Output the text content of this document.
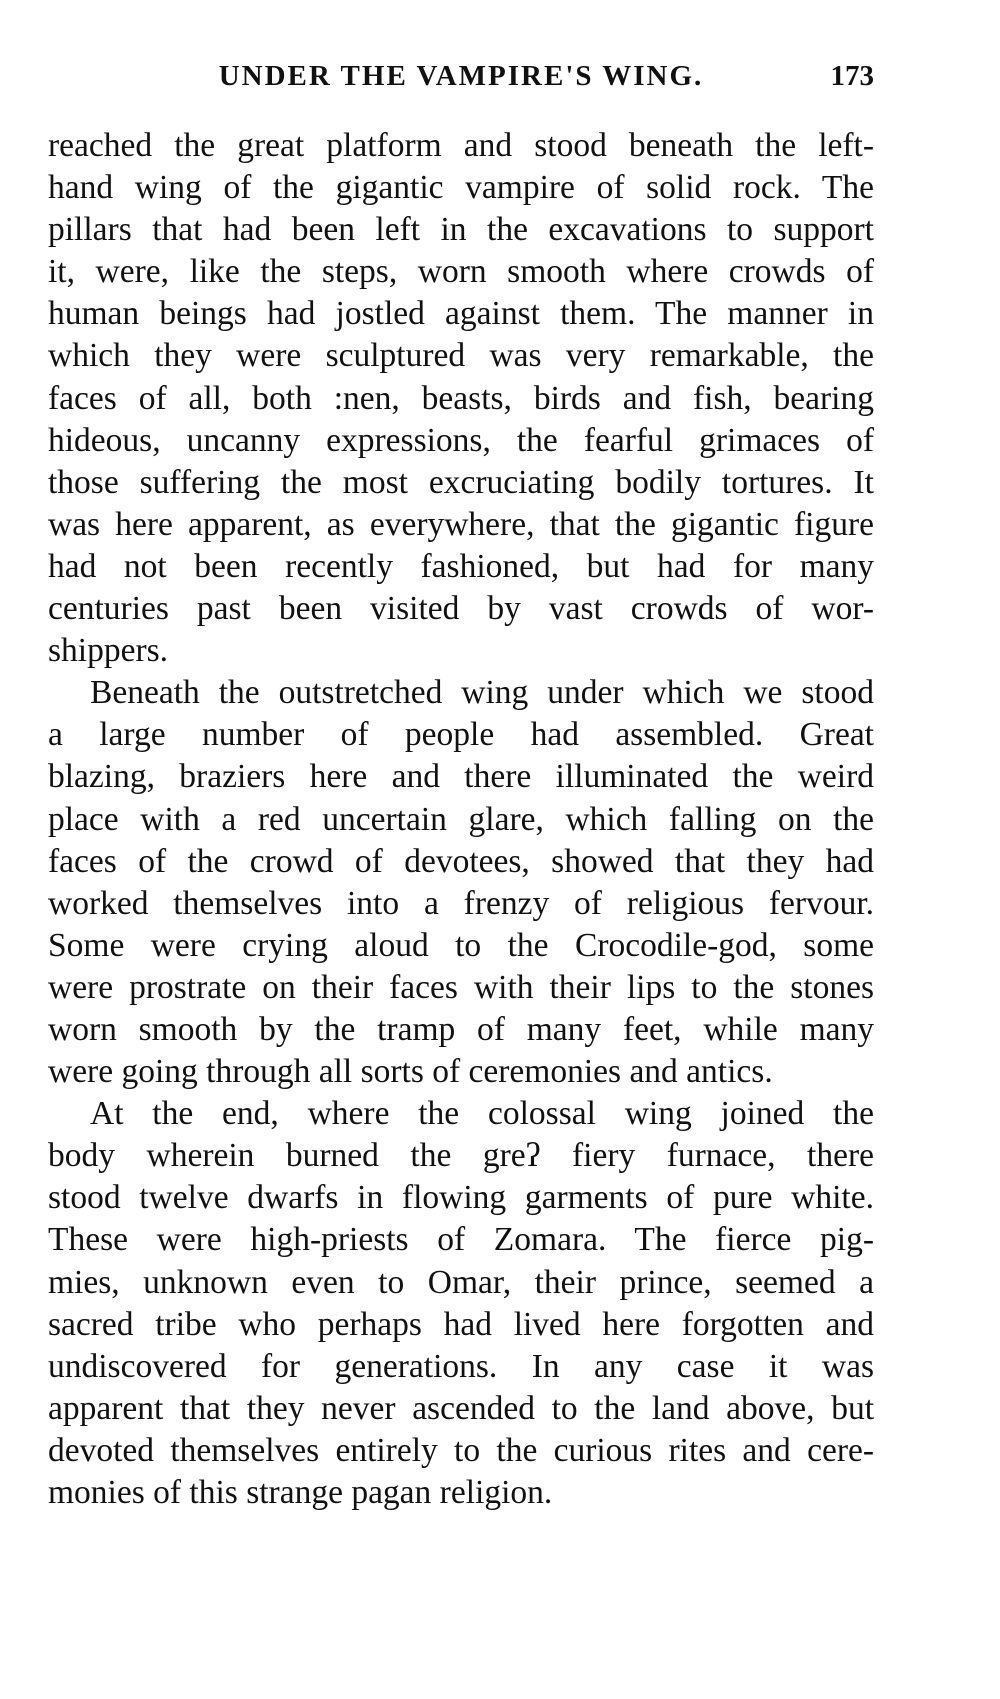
UNDER THE VAMPIRE'S WING.	173
reached the great platform and stood beneath the left-
hand wing of the gigantic vampire of solid rock. The
pillars that had been left in the excavations to support
it, were, like the steps, worn smooth where crowds of
human beings had jostled against them. The manner in
which they were sculptured was very remarkable, the
faces of all, both :nen, beasts, birds and fish, bearing
hideous, uncanny expressions, the fearful grimaces of
those suffering the most excruciating bodily tortures. It
was here apparent, as everywhere, that the gigantic figure
had not been recently fashioned, but had for many
centuries past been visited by vast crowds of wor-
shippers.
Beneath the outstretched wing under which we stood
a large number of people had assembled. Great
blazing, braziers here and there illuminated the weird
place with a red uncertain glare, which falling on the
faces of the crowd of devotees, showed that they had
worked themselves into a frenzy of religious fervour.
Some were crying aloud to the Crocodile-god, some
were prostrate on their faces with their lips to the stones
worn smooth by the tramp of many feet, while many
were going through all sorts of ceremonies and antics.
At the end, where the colossal wing joined the
body wherein burned the greʔ fiery furnace, there
stood twelve dwarfs in flowing garments of pure white.
These were high-priests of Zomara. The fierce pig-
mies, unknown even to Omar, their prince, seemed a
sacred tribe who perhaps had lived here forgotten and
undiscovered for generations. In any case it was
apparent that they never ascended to the land above, but
devoted themselves entirely to the curious rites and cere-
monies of this strange pagan religion.
